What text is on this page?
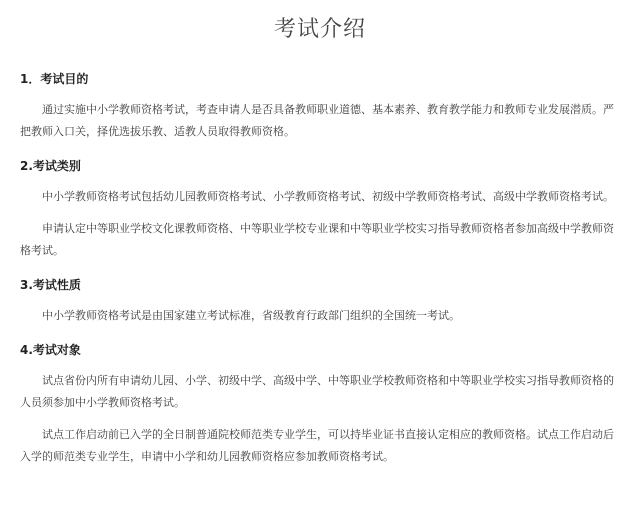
考试介绍

1．考试目的

通过实施中小学教师资格考试，考查申请人是否具备教师职业道德、基本素养、教育教学能力和教师专业发展潜质。严把教师入口关，择优选拔乐教、适教人员取得教师资格。

2.考试类别

中小学教师资格考试包括幼儿园教师资格考试、小学教师资格考试、初级中学教师资格考试、高级中学教师资格考试。

申请认定中等职业学校文化课教师资格、中等职业学校专业课和中等职业学校实习指导教师资格者参加高级中学教师资格考试。

3.考试性质

中小学教师资格考试是由国家建立考试标准，省级教育行政部门组织的全国统一考试。

4.考试对象

试点省份内所有申请幼儿园、小学、初级中学、高级中学、中等职业学校教师资格和中等职业学校实习指导教师资格的人员须参加中小学教师资格考试。

试点工作启动前已入学的全日制普通院校师范类专业学生，可以持毕业证书直接认定相应的教师资格。试点工作启动后入学的师范类专业学生，申请中小学和幼儿园教师资格应参加教师资格考试。
